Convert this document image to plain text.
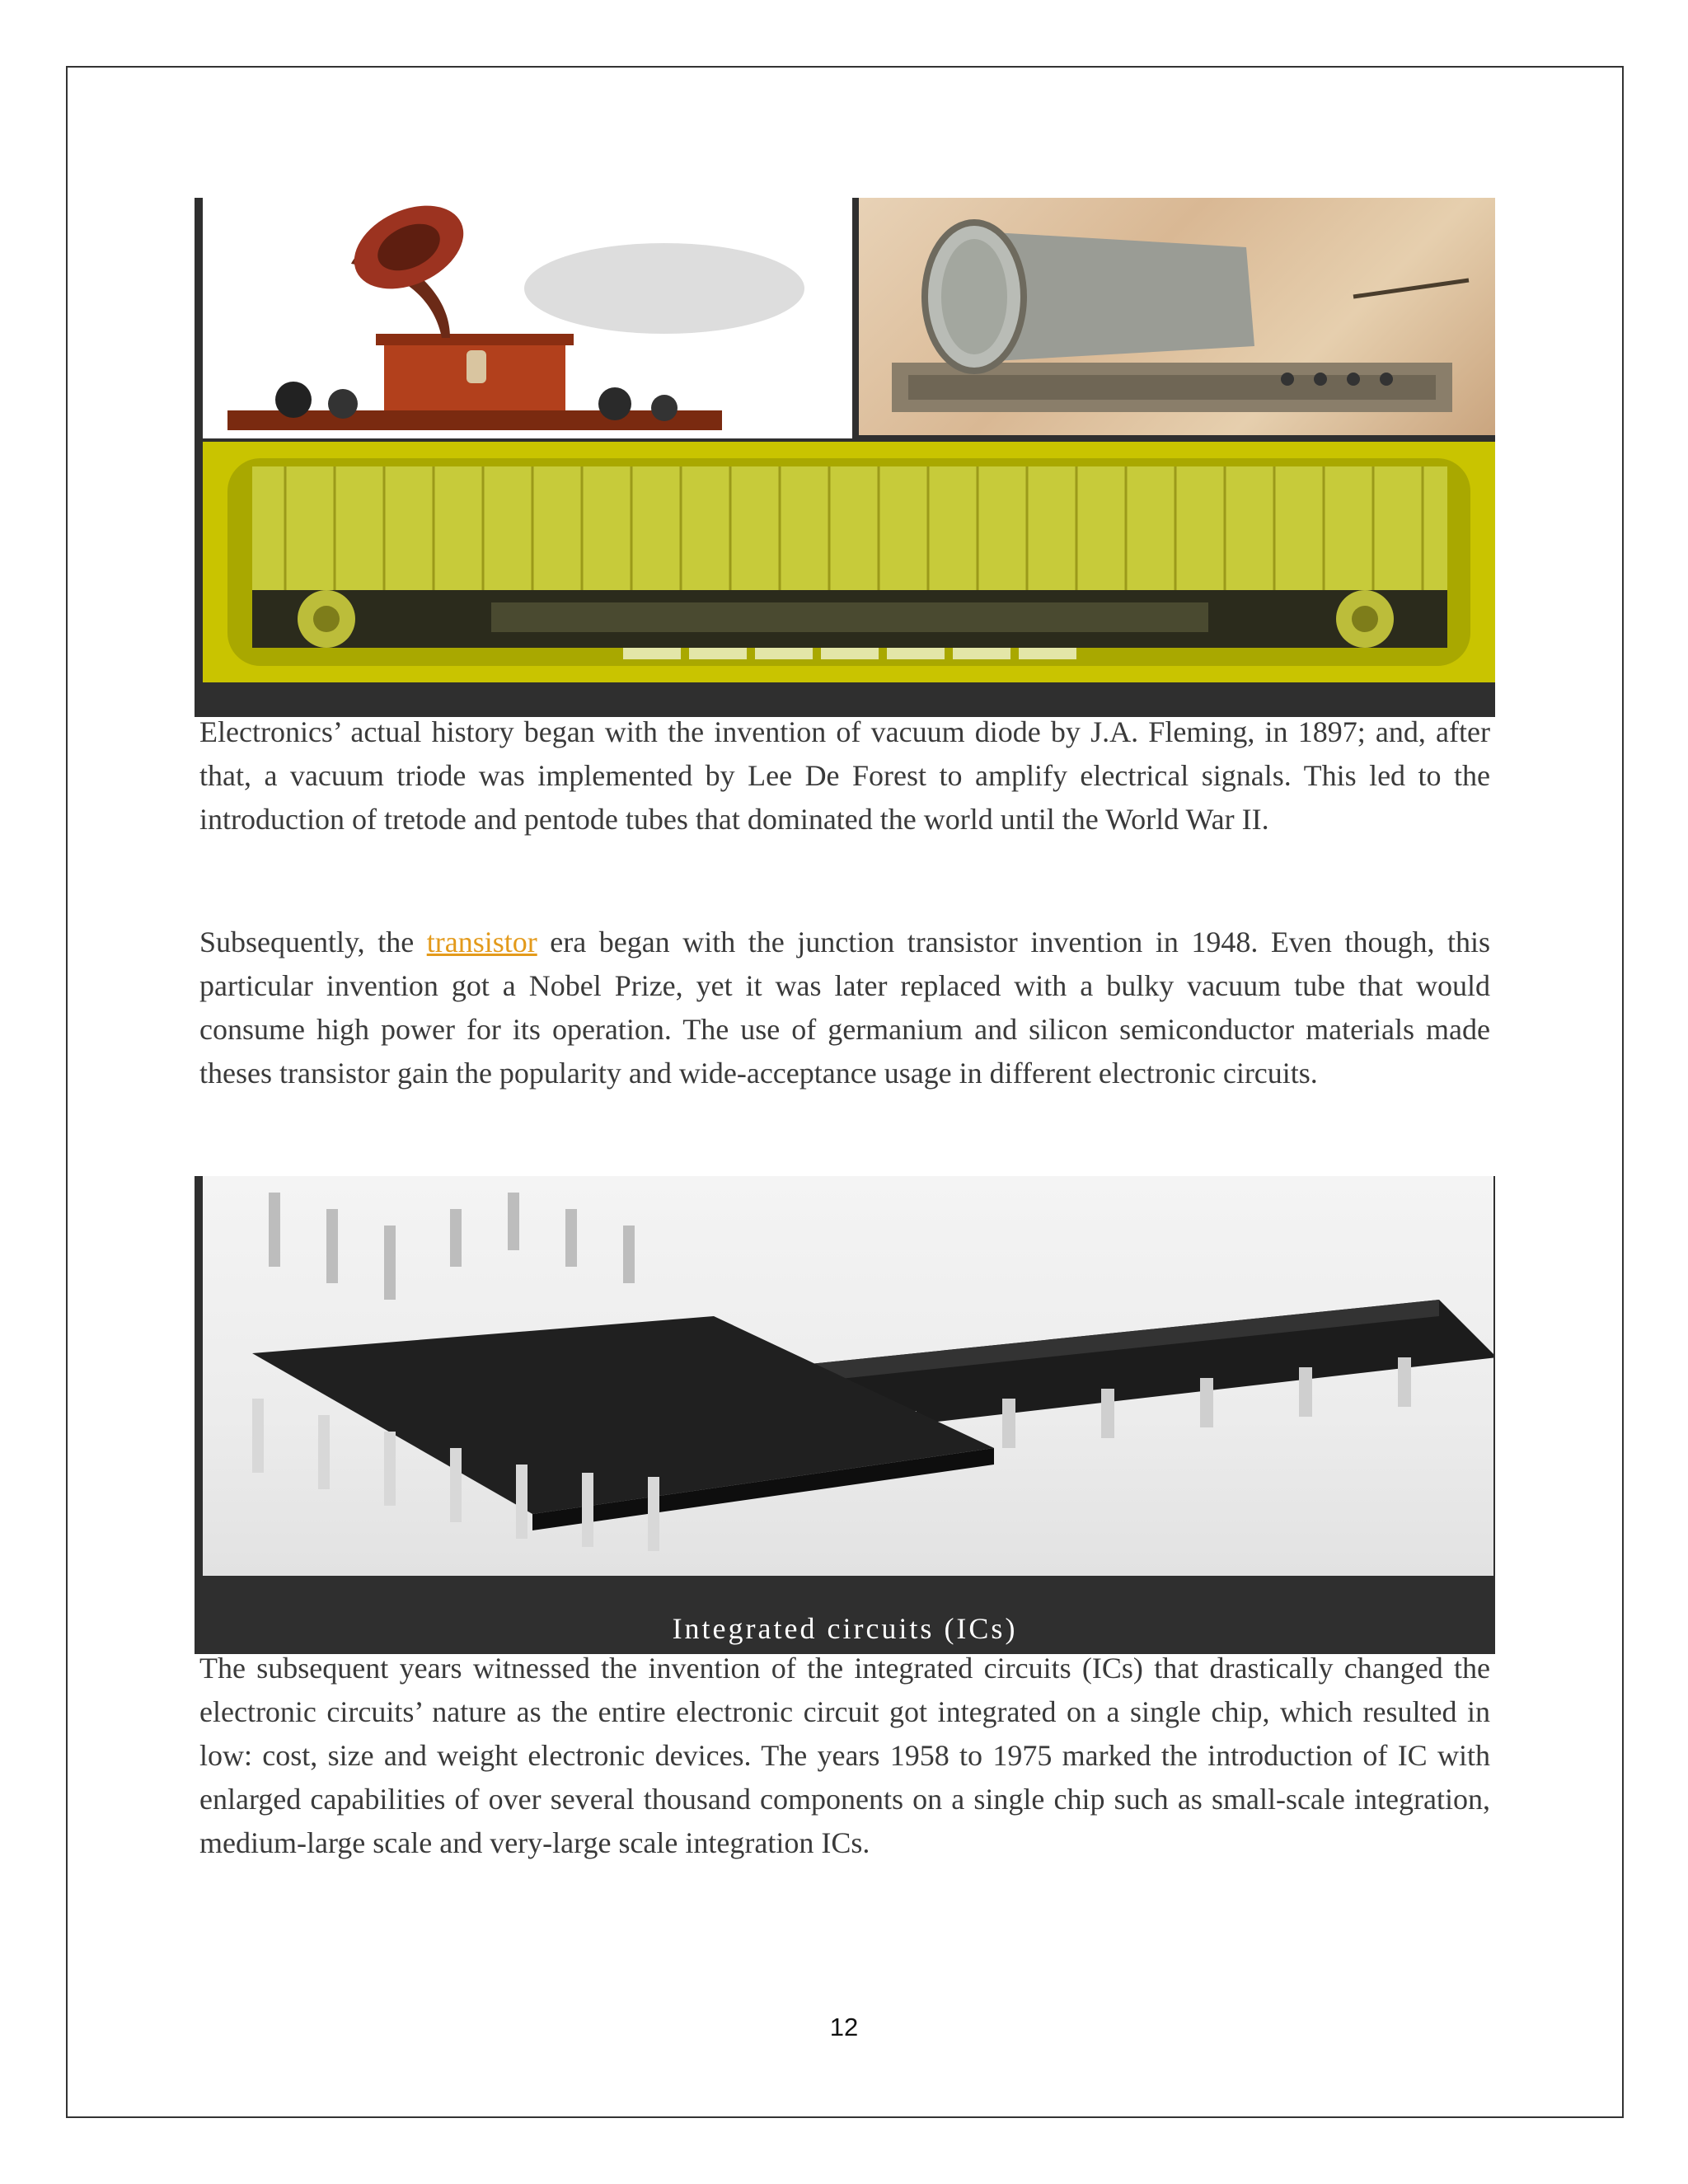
Electronics’ actual history began with the invention of vacuum diode by J.A. Fleming, in 1897; and, after that, a vacuum triode was implemented by Lee De Forest to amplify electrical signals. This led to the introduction of tretode and pentode tubes that dominated the world until the World War II.

Subsequently, the transistor era began with the junction transistor invention in 1948. Even though, this particular invention got a Nobel Prize, yet it was later replaced with a bulky vacuum tube that would consume high power for its operation. The use of germanium and silicon semiconductor materials made theses transistor gain the popularity and wide-acceptance usage in different electronic circuits.

Integrated circuits (ICs)

The subsequent years witnessed the invention of the integrated circuits (ICs) that drastically changed the electronic circuits’ nature as the entire electronic circuit got integrated on a single chip, which resulted in low: cost, size and weight electronic devices. The years 1958 to 1975 marked the introduction of IC with enlarged capabilities of over several thousand components on a single chip such as small-scale integration, medium-large scale and very-large scale integration ICs.

12
